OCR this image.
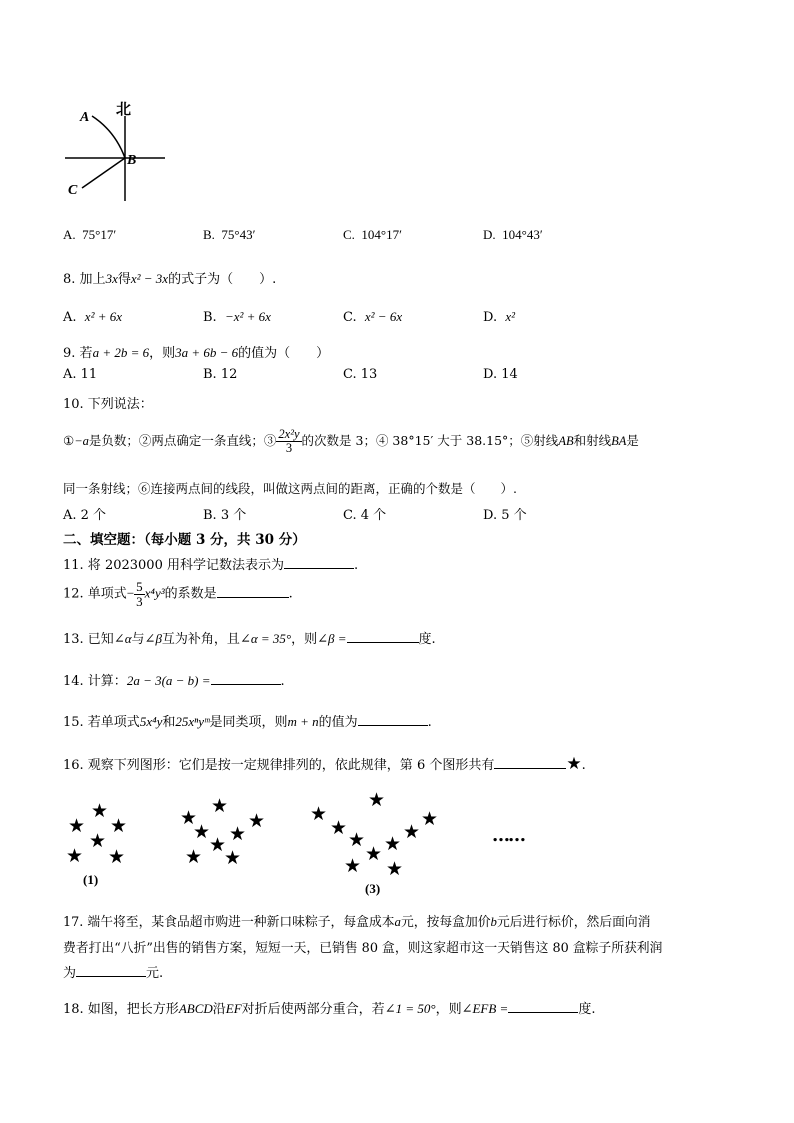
北
A
B
C
A. 75°17′	B. 75°43′	C. 104°17′	D. 104°43′
8. 加上3x得x² − 3x的式子为（　　）.
A. x² + 6x	B. −x² + 6x	C. x² − 6x	D. x²
9. 若a + 2b = 6，则3a + 6b − 6的值为（　　）
A. 11	B. 12	C. 13	D. 14
10. 下列说法：
①−a是负数；②两点确定一条直线；③ $\frac{\text{2x²y}}{3}$ 的次数是 3；④ 38°15′ 大于 38.15°；⑤射线AB和射线BA是
同一条射线；⑥连接两点间的线段，叫做这两点间的距离，正确的个数是（　　）.
A. 2 个	B. 3 个	C. 4 个	D. 5 个
二、填空题：（每小题 3 分，共 30 分）
11. 将 2023000 用科学记数法表示为	.
12. 单项式− $\frac{5}{3} x^4y^3$的系数是	.
13. 已知∠α与∠β互为补角，且∠α = 35°，则∠β =	度.
14. 计算：2a − 3(a − b) =	.
15. 若单项式5x⁴y和25xⁿyᵐ是同类项，则m + n的值为	.
16. 观察下列图形：它们是按一定规律排列的，依此规律，第 6 个图形共有	★.
★
★ ★
★
★ ★
(1)
★
★	★
★ ★
★
★ ★
★
★	★
★	★
★ ★
★
★ ★
(3)
……
17. 端午将至，某食品超市购进一种新口味粽子，每盒成本a元，按每盒加价b元后进行标价，然后面向消
费者打出“八折”出售的销售方案，短短一天，已销售 80 盒，则这家超市这一天销售这 80 盒粽子所获利润
为	元.
18. 如图，把长方形ABCD沿EF对折后使两部分重合，若∠1 = 50°，则∠EFB =	度.
